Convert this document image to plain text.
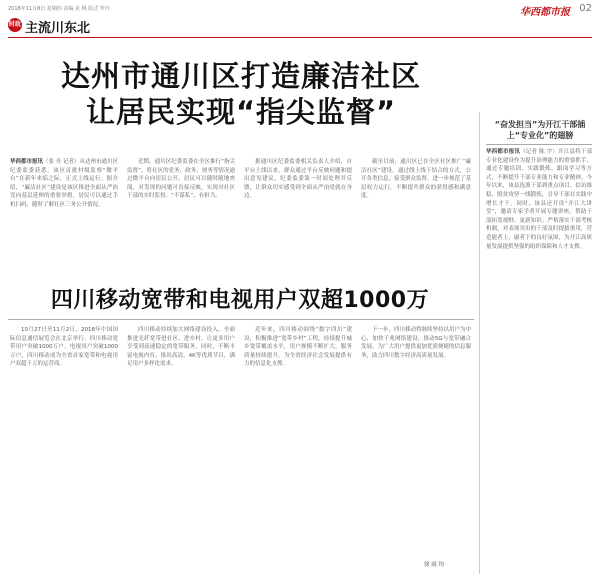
2018年11月8日 星期四 责编 见 绑 版式 罗玲	华西都市报 02
时政 主流川东北
达州市通川区打造廉洁社区
让居民实现“指尖监督”	“奋发担当”为开江干部插上“专业化”的翅膀
华西都市报讯（记者 陈 宇）开江县将干部专业化建设作为提升治理能力的重要抓手，通过专题培训、实践锻炼、跟岗学习等方式，不断提升干部专业能力和专业精神。今年以来，该县选派干部到重点项目、信访维稳、脱贫攻坚一线锻炼，引导干部在实践中增长才干。同时，该县还开设“开江大讲堂”，邀请专家学者开展专题讲座，帮助干部拓宽视野、更新知识。严格落实干部考核机制，对表现突出的干部及时提拔重用，营造能者上、庸者下的良好氛围，为开江高质量发展提供坚强的组织保障和人才支撑。
华西都市报讯（张 舟 记者）从达州市通川区纪委监委获悉，该区首批村级监察“微平台”在新年来临之际，正式上线运行。据介绍，“廉洁社区”建设是该区推进全面从严治党向基层延伸的重要举措，居民可以通过手机扫码，随时了解社区三务公开情况。
近期，通川区纪委监委在全区推行“指尖监督”，将社区的党务、政务、财务等情况通过微平台向居民公开，居民可以随时随地查阅，对发现的问题可直接反映，实现对社区干部的实时监督。“不谋私”、有担当。
据通川区纪委监委相关负责人介绍，自平台上线以来，群众通过平台反映问题和提出意见建议，纪委监委第一时间处理并反馈，让群众切实感受到全面从严治党就在身边。
截至目前，通川区已在全区社区推广“廉洁社区”建设，通过线上线下结合的方式，公开各类信息，接受群众监督，进一步规范了基层权力运行，不断提升群众的获得感和满意度。
四川移动宽带和电视用户双超1000万
10月27日至11月2日，2018年中国国际信息通信展览会在北京举行。四川移动宽带用户突破1000万户，电视用户突破1000万户，四川移动成为全省首家宽带和电视用户双超千万的运营商。
四川移动持续加大网络建设投入，全面推进光纤宽带进社区、进乡村，让更多用户享受到高速稳定的宽带服务。同时，不断丰富电视内容，推出高清、4K等优质节目，满足用户多样化需求。
近年来，四川移动围绕“数字四川”建设，积极推进“宽带乡村”工程，持续提升城乡宽带覆盖水平，用户规模不断扩大，服务质量持续提升，为全省经济社会发展提供有力的信息化支撑。
下一步，四川移动将继续坚持以用户为中心，加快千兆网络建设，推动5G与宽带融合发展，为广大用户提供更加优质便捷的信息服务，助力四川数字经济高质量发展。
徐 雨 均
